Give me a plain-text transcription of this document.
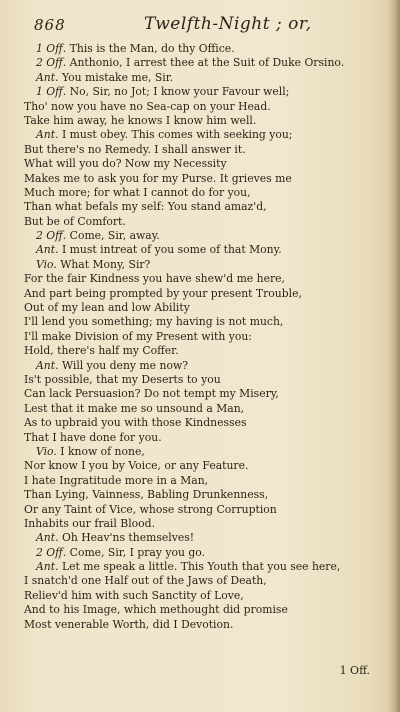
868	Twelfth-Night ; or,
1 Off. This is the Man, do thy Office.
2 Off. Anthonio, I arrest thee at the Suit of Duke Orsino.
Ant. You mistake me, Sir.
1 Off. No, Sir, no Jot; I know your Favour well;
Tho' now you have no Sea-cap on your Head.
Take him away, he knows I know him well.
Ant. I must obey. This comes with seeking you;
But there's no Remedy. I shall answer it.
What will you do? Now my Necessity
Makes me to ask you for my Purse. It grieves me
Much more; for what I cannot do for you,
Than what befals my self: You stand amaz'd,
But be of Comfort.
2 Off. Come, Sir, away.
Ant. I must intreat of you some of that Mony.
Vio. What Mony, Sir?
For the fair Kindness you have shew'd me here,
And part being prompted by your present Trouble,
Out of my lean and low Ability
I'll lend you something; my having is not much,
I'll make Division of my Present with you:
Hold, there's half my Coffer.
Ant. Will you deny me now?
Is't possible, that my Deserts to you
Can lack Persuasion? Do not tempt my Misery,
Lest that it make me so unsound a Man,
As to upbraid you with those Kindnesses
That I have done for you.
Vio. I know of none,
Nor know I you by Voice, or any Feature.
I hate Ingratitude more in a Man,
Than Lying, Vainness, Babling Drunkenness,
Or any Taint of Vice, whose strong Corruption
Inhabits our frail Blood.
Ant. Oh Heav'ns themselves!
2 Off. Come, Sir, I pray you go.
Ant. Let me speak a little. This Youth that you see here,
I snatch'd one Half out of the Jaws of Death,
Reliev'd him with such Sanctity of Love,
And to his Image, which methought did promise
Most venerable Worth, did I Devotion.
1 Off.
